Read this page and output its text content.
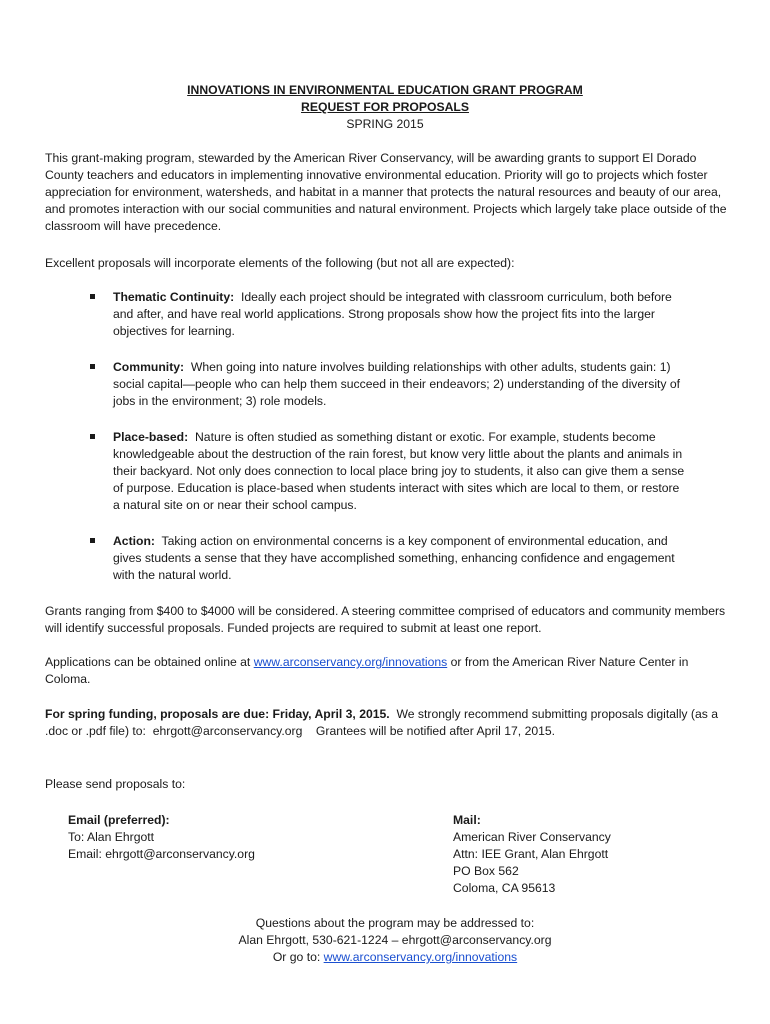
INNOVATIONS IN ENVIRONMENTAL EDUCATION GRANT PROGRAM
REQUEST FOR PROPOSALS
SPRING 2015
This grant-making program, stewarded by the American River Conservancy, will be awarding grants to support El Dorado County teachers and educators in implementing innovative environmental education. Priority will go to projects which foster appreciation for environment, watersheds, and habitat in a manner that protects the natural resources and beauty of our area, and promotes interaction with our social communities and natural environment. Projects which largely take place outside of the classroom will have precedence.
Excellent proposals will incorporate elements of the following (but not all are expected):
Thematic Continuity: Ideally each project should be integrated with classroom curriculum, both before and after, and have real world applications. Strong proposals show how the project fits into the larger objectives for learning.
Community: When going into nature involves building relationships with other adults, students gain: 1) social capital—people who can help them succeed in their endeavors; 2) understanding of the diversity of jobs in the environment; 3) role models.
Place-based: Nature is often studied as something distant or exotic. For example, students become knowledgeable about the destruction of the rain forest, but know very little about the plants and animals in their backyard. Not only does connection to local place bring joy to students, it also can give them a sense of purpose. Education is place-based when students interact with sites which are local to them, or restore a natural site on or near their school campus.
Action: Taking action on environmental concerns is a key component of environmental education, and gives students a sense that they have accomplished something, enhancing confidence and engagement with the natural world.
Grants ranging from $400 to $4000 will be considered. A steering committee comprised of educators and community members will identify successful proposals. Funded projects are required to submit at least one report.
Applications can be obtained online at www.arconservancy.org/innovations or from the American River Nature Center in Coloma.
For spring funding, proposals are due: Friday, April 3, 2015.  We strongly recommend submitting proposals digitally (as a .doc or .pdf file) to:  ehrgott@arconservancy.org    Grantees will be notified after April 17, 2015.
Please send proposals to:
Email (preferred):
To: Alan Ehrgott
Email: ehrgott@arconservancy.org
Mail:
American River Conservancy
Attn: IEE Grant, Alan Ehrgott
PO Box 562
Coloma, CA 95613
Questions about the program may be addressed to:
Alan Ehrgott, 530-621-1224 – ehrgott@arconservancy.org
Or go to: www.arconservancy.org/innovations
